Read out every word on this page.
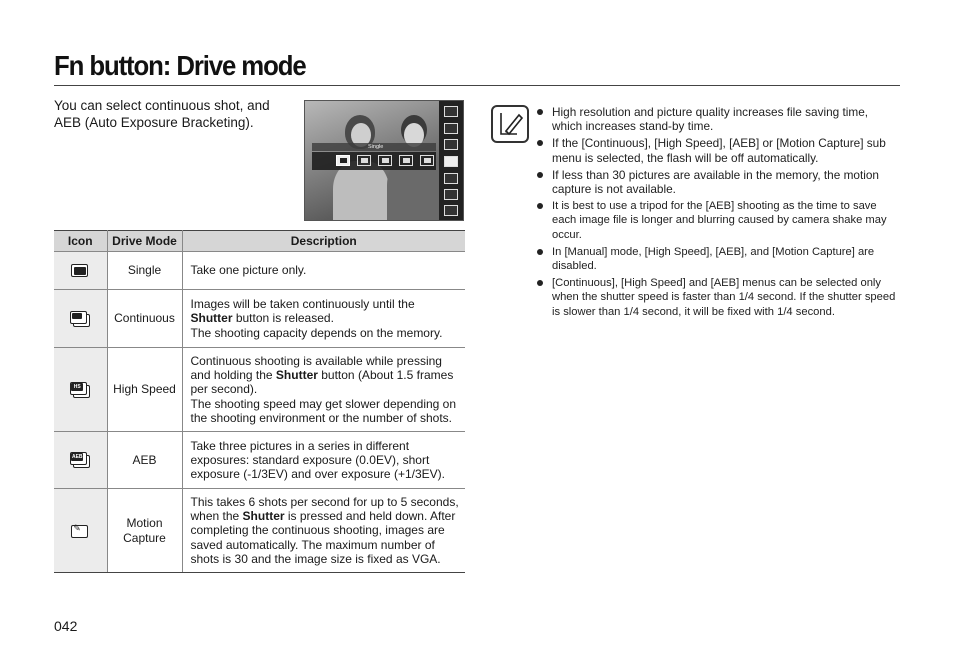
Fn button: Drive mode

You can select continuous shot, and AEB (Auto Exposure Bracketing).

Single
Icon	Drive Mode	Description

	Single	Take one picture only.

	Continuous	Images will be taken continuously until the Shutter button is released.
The shooting capacity depends on the memory.

HS	High Speed	Continuous shooting is available while pressing and holding the Shutter button (About 1.5 frames per second).
The shooting speed may get slower depending on the shooting environment or the number of shots.

AEB	AEB	Take three pictures in a series in different exposures: standard exposure (0.0EV), short exposure (-1/3EV) and over exposure (+1/3EV).

✎	Motion Capture	This takes 6 shots per second for up to 5 seconds, when the Shutter is pressed and held down. After completing the continuous shooting, images are saved automatically. The maximum number of shots is 30 and the image size is fixed as VGA.
High resolution and picture quality increases file saving time, which increases stand-by time.
If the [Continuous], [High Speed], [AEB] or [Motion Capture] sub menu is selected, the flash will be off automatically.
If less than 30 pictures are available in the memory, the motion capture is not available.
It is best to use a tripod for the [AEB] shooting as the time to save each image file is longer and blurring caused by camera shake may occur.
In [Manual] mode, [High Speed], [AEB], and [Motion Capture] are disabled.
[Continuous], [High Speed] and [AEB] menus can be selected only when the shutter speed is faster than 1/4 second. If the shutter speed is slower than 1/4 second, it will be fixed with 1/4 second.
042
